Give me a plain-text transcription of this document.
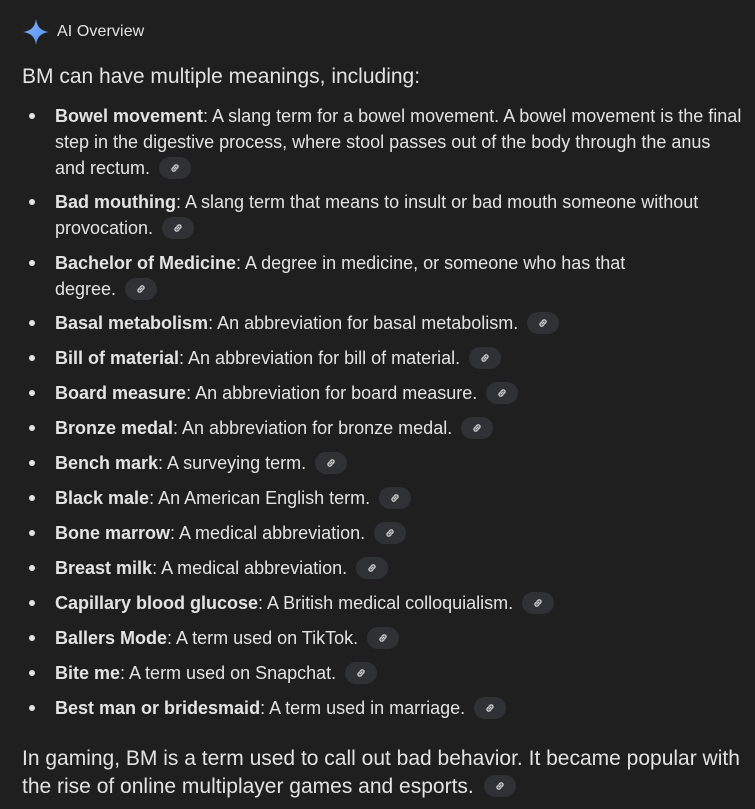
AI Overview
BM can have multiple meanings, including:
Bowel movement: A slang term for a bowel movement. A bowel movement is the final step in the digestive process, where stool passes out of the body through the anus and rectum.
Bad mouthing: A slang term that means to insult or bad mouth someone without provocation.
Bachelor of Medicine: A degree in medicine, or someone who has that degree.
Basal metabolism: An abbreviation for basal metabolism.
Bill of material: An abbreviation for bill of material.
Board measure: An abbreviation for board measure.
Bronze medal: An abbreviation for bronze medal.
Bench mark: A surveying term.
Black male: An American English term.
Bone marrow: A medical abbreviation.
Breast milk: A medical abbreviation.
Capillary blood glucose: A British medical colloquialism.
Ballers Mode: A term used on TikTok.
Bite me: A term used on Snapchat.
Best man or bridesmaid: A term used in marriage.
In gaming, BM is a term used to call out bad behavior. It became popular with the rise of online multiplayer games and esports.
